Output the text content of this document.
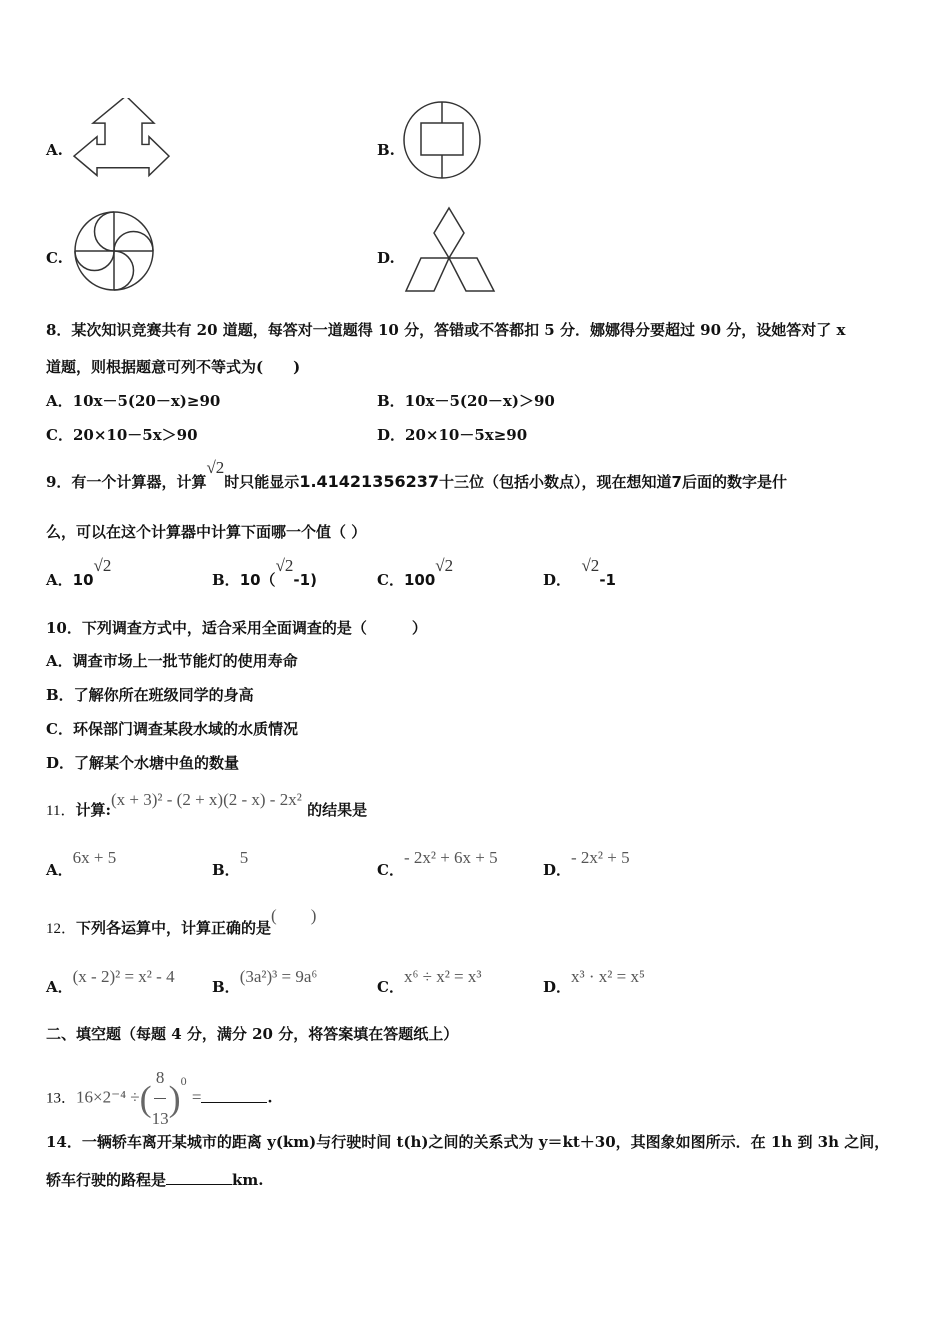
A.	B.
C.	D.
8．某次知识竞赛共有 20 道题，每答对一道题得 10 分，答错或不答都扣 5 分．娜娜得分要超过 90 分，设她答对了 x
道题，则根据题意可列不等式为(　　)
A．10x－5(20－x)≥90	B．10x－5(20－x)＞90
C．20×10－5x＞90	D．20×10－5x≥90
9．有一个计算器，计算√2时只能显示1.41421356237十三位（包括小数点），现在想知道7后面的数字是什
么，可以在这个计算器中计算下面哪一个值（ ）
A．10√2
B．10（√2-1)	C．100√2
D．  √2-1
10．下列调查方式中，适合采用全面调查的是（　　　）
A．调查市场上一批节能灯的使用寿命
B．了解你所在班级同学的身高
C．环保部门调查某段水域的水质情况
D．了解某个水塘中鱼的数量
11．计算:(x + 3)² - (2 + x)(2 - x) - 2x² 的结果是
A．6x + 5
B．5
C．- 2x² + 6x + 5
D．- 2x² + 5
12．下列各运算中，计算正确的是(　　)
A．(x - 2)² = x² - 4
B．(3a²)³ = 9a⁶
C．x⁶ ÷ x² = x³
D．x³ · x² = x⁵
二、填空题（每题 4 分，满分 20 分，将答案填在答题纸上）
13．16×2⁻⁴ ÷( $\frac{8}{13} )^0$ =	.
14．一辆轿车离开某城市的距离 y(km)与行驶时间 t(h)之间的关系式为 y＝kt＋30，其图象如图所示．在 1h 到 3h 之间，
轿车行驶的路程是	km.
